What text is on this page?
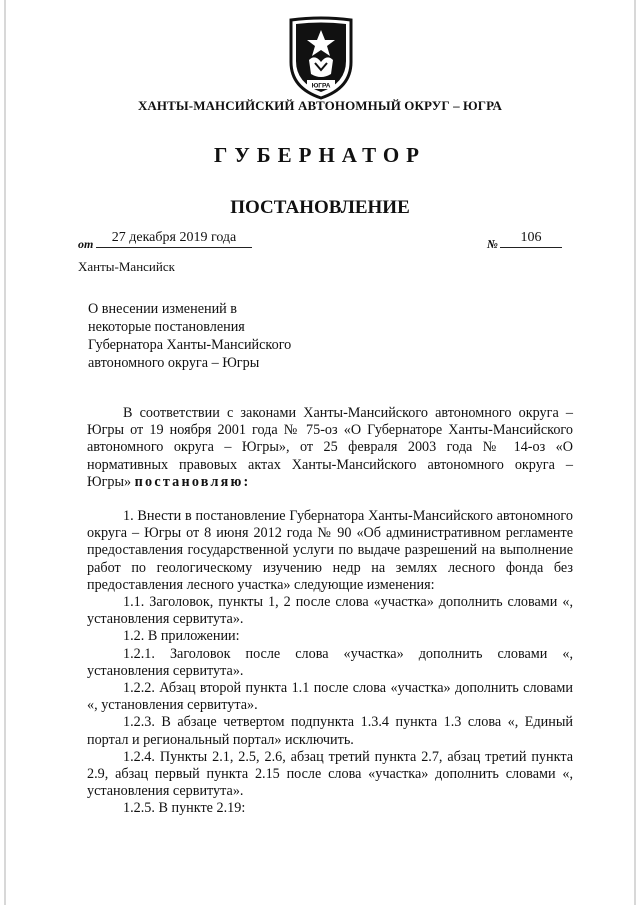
ЮГРА
ХАНТЫ-МАНСИЙСКИЙ АВТОНОМНЫЙ ОКРУГ – ЮГРА
ГУБЕРНАТОР
ПОСТАНОВЛЕНИЕ
от	27 декабря 2019 года	№	106
Ханты-Мансийск
О внесении изменений в
некоторые постановления
Губернатора Ханты-Мансийского
автономного округа – Югры

В соответствии с законами Ханты-Мансийского автономного округа – Югры от 19 ноября 2001 года № 75-оз «О Губернаторе Ханты-Мансийского автономного округа – Югры», от 25 февраля 2003 года № 14-оз «О нормативных правовых актах Ханты-Мансийского автономного округа – Югры» постановляю:

1. Внести в постановление Губернатора Ханты-Мансийского автономного округа – Югры от 8 июня 2012 года № 90 «Об административном регламенте предоставления государственной услуги по выдаче разрешений на выполнение работ по геологическому изучению недр на землях лесного фонда без предоставления лесного участка» следующие изменения:

1.1. Заголовок, пункты 1, 2 после слова «участка» дополнить словами «, установления сервитута».

1.2. В приложении:

1.2.1. Заголовок после слова «участка» дополнить словами «, установления сервитута».

1.2.2. Абзац второй пункта 1.1 после слова «участка» дополнить словами «, установления сервитута».

1.2.3. В абзаце четвертом подпункта 1.3.4 пункта 1.3 слова «, Единый портал и региональный портал» исключить.

1.2.4. Пункты 2.1, 2.5, 2.6, абзац третий пункта 2.7, абзац третий пункта 2.9, абзац первый пункта 2.15 после слова «участка» дополнить словами «, установления сервитута».

1.2.5. В пункте 2.19:
